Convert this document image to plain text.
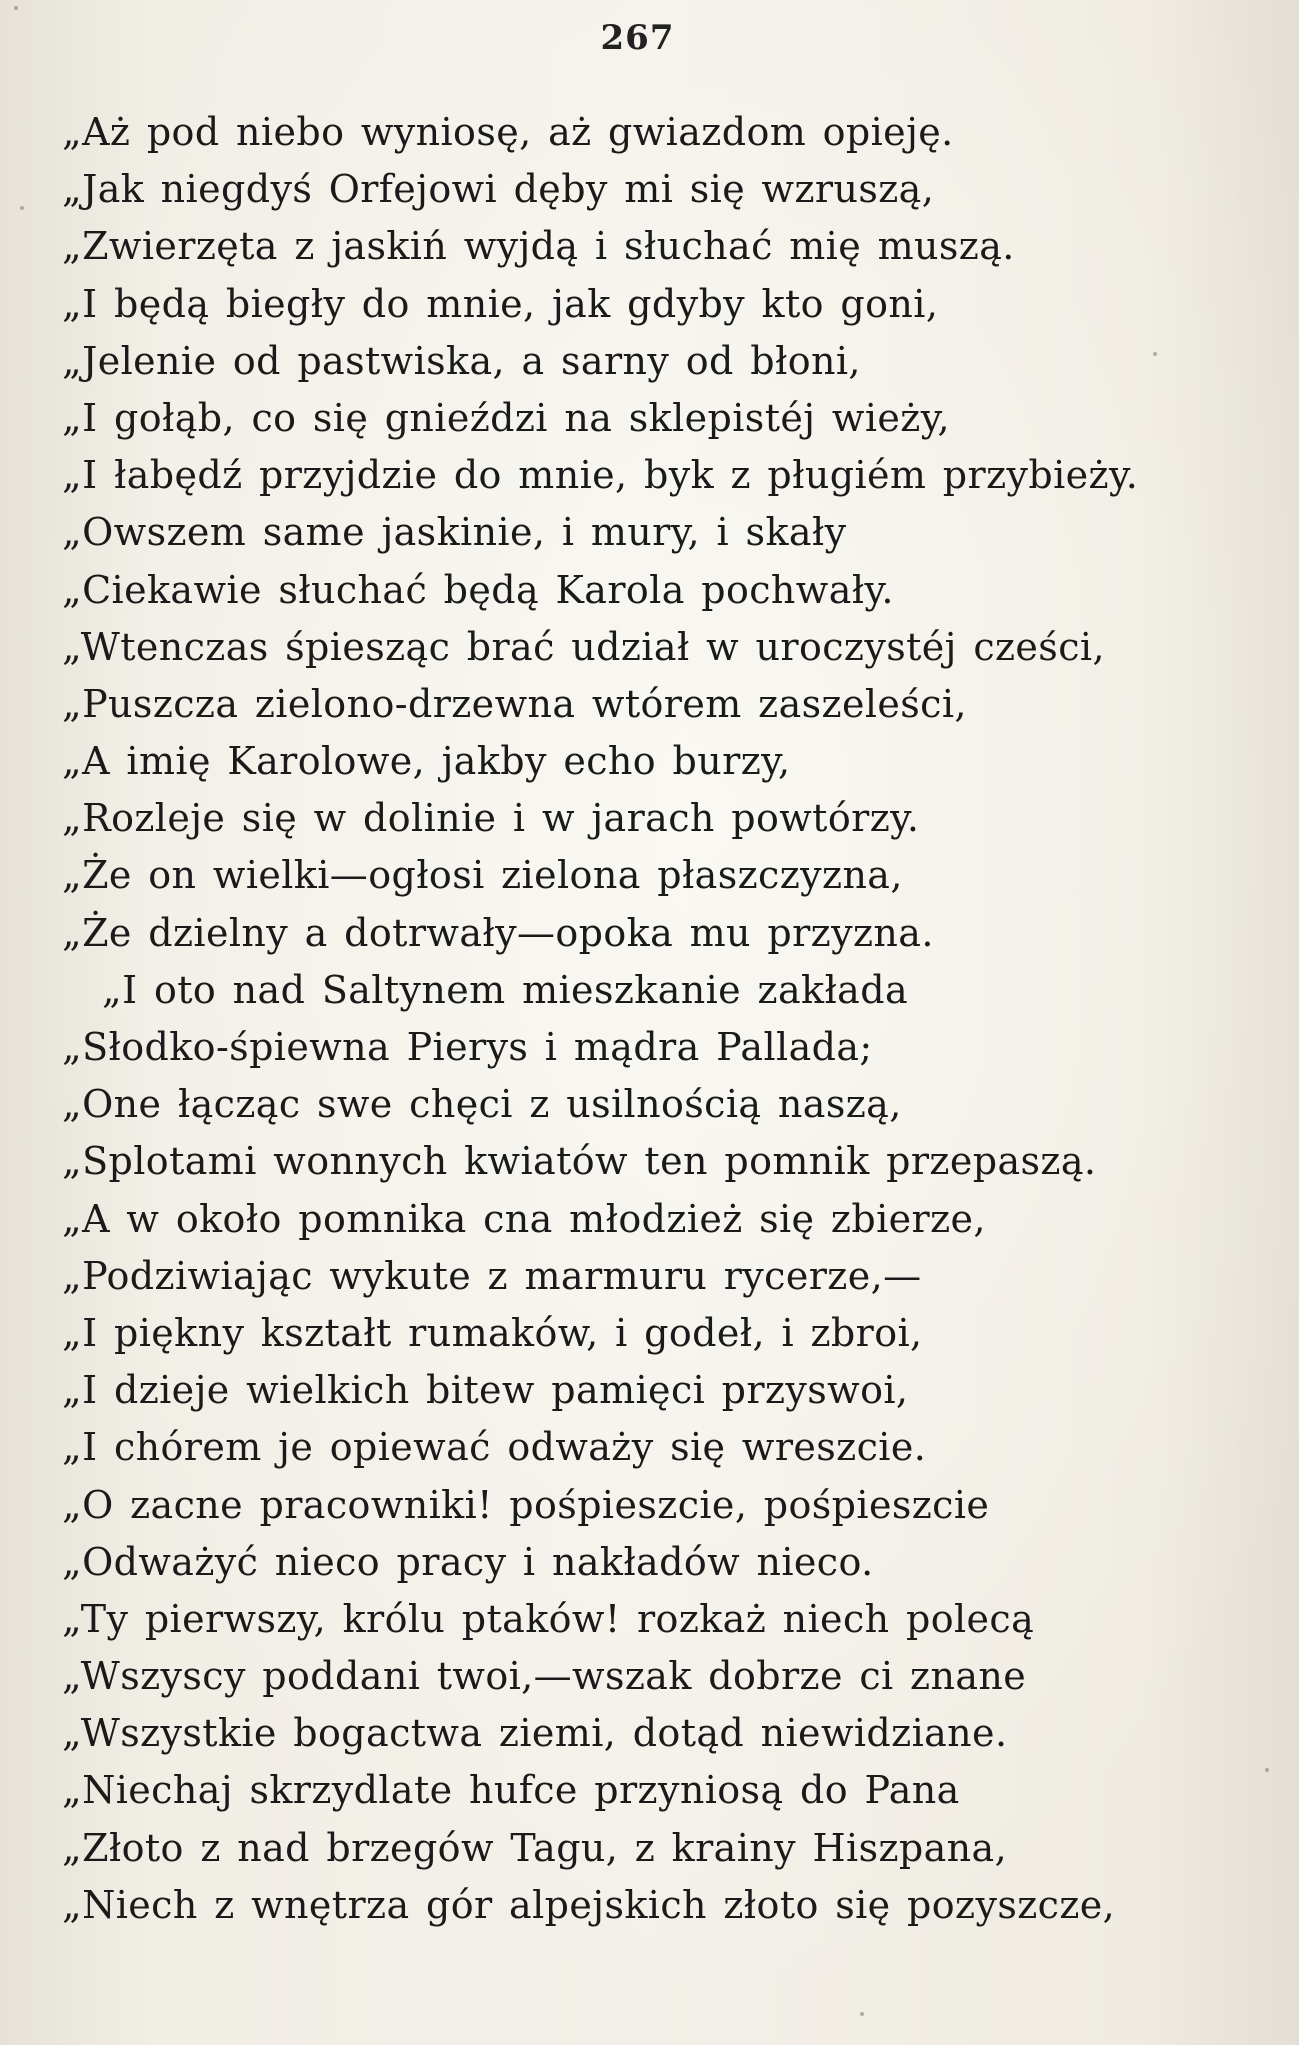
267
„Aż pod niebo wyniosę, aż gwiazdom opieję.
„Jak niegdyś Orfejowi dęby mi się wzruszą,
„Zwierzęta z jaskiń wyjdą i słuchać mię muszą.
„I będą biegły do mnie, jak gdyby kto goni,
„Jelenie od pastwiska, a sarny od błoni,
„I gołąb, co się gnieździ na sklepistéj wieży,
„I łabędź przyjdzie do mnie, byk z pługiém przybieży.
„Owszem same jaskinie, i mury, i skały
„Ciekawie słuchać będą Karola pochwały.
„Wtenczas śpiesząc brać udział w uroczystéj cześci,
„Puszcza zielono-drzewna wtórem zaszeleści,
„A imię Karolowe, jakby echo burzy,
„Rozleje się w dolinie i w jarach powtórzy.
„Że on wielki—ogłosi zielona płaszczyzna,
„Że dzielny a dotrwały—opoka mu przyzna.
„I oto nad Saltynem mieszkanie zakłada
„Słodko-śpiewna Pierys i mądra Pallada;
„One łącząc swe chęci z usilnością naszą,
„Splotami wonnych kwiatów ten pomnik przepaszą.
„A w około pomnika cna młodzież się zbierze,
„Podziwiając wykute z marmuru rycerze,—
„I piękny kształt rumaków, i godeł, i zbroi,
„I dzieje wielkich bitew pamięci przyswoi,
„I chórem je opiewać odważy się wreszcie.
„O zacne pracowniki! pośpieszcie, pośpieszcie
„Odważyć nieco pracy i nakładów nieco.
„Ty pierwszy, królu ptaków! rozkaż niech polecą
„Wszyscy poddani twoi,—wszak dobrze ci znane
„Wszystkie bogactwa ziemi, dotąd niewidziane.
„Niechaj skrzydlate hufce przyniosą do Pana
„Złoto z nad brzegów Tagu, z krainy Hiszpana,
„Niech z wnętrza gór alpejskich złoto się pozyszcze,
